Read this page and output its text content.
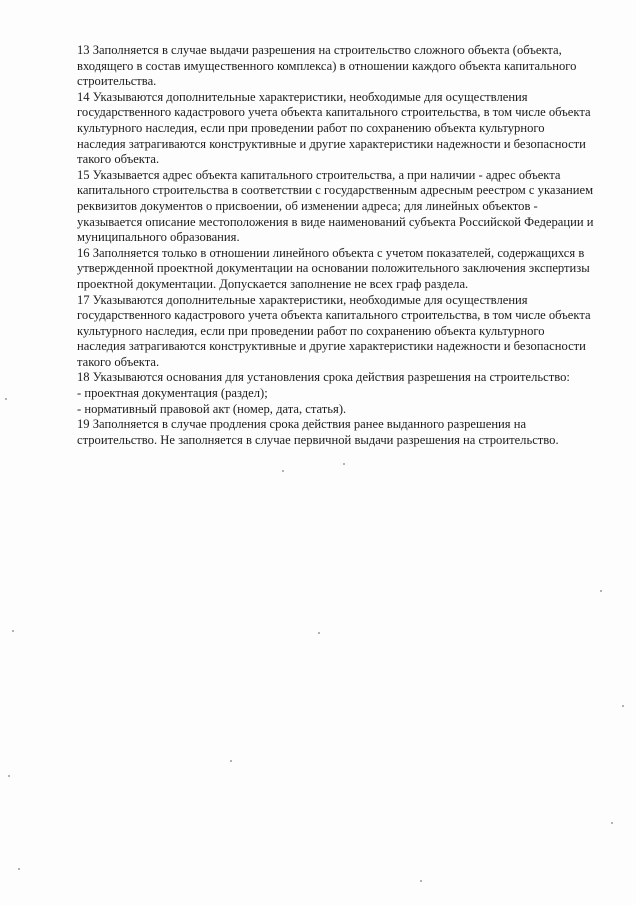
13 Заполняется в случае выдачи разрешения на строительство сложного объекта (объекта,
входящего в состав имущественного комплекса) в отношении каждого объекта капитального
строительства.
14 Указываются дополнительные характеристики, необходимые для осуществления
государственного кадастрового учета объекта капитального строительства, в том числе объекта
культурного наследия, если при проведении работ по сохранению объекта культурного
наследия затрагиваются конструктивные и другие характеристики надежности и безопасности
такого объекта.
15 Указывается адрес объекта капитального строительства, а при наличии - адрес объекта
капитального строительства в соответствии с государственным адресным реестром с указанием
реквизитов документов о присвоении, об изменении адреса; для линейных объектов -
указывается описание местоположения в виде наименований субъекта Российской Федерации и
муниципального образования.
16 Заполняется только в отношении линейного объекта с учетом показателей, содержащихся в
утвержденной проектной документации на основании положительного заключения экспертизы
проектной документации. Допускается заполнение не всех граф раздела.
17 Указываются дополнительные характеристики, необходимые для осуществления
государственного кадастрового учета объекта капитального строительства, в том числе объекта
культурного наследия, если при проведении работ по сохранению объекта культурного
наследия затрагиваются конструктивные и другие характеристики надежности и безопасности
такого объекта.
18 Указываются основания для установления срока действия разрешения на строительство:
- проектная документация (раздел);
- нормативный правовой акт (номер, дата, статья).
19 Заполняется в случае продления срока действия ранее выданного разрешения на
строительство. Не заполняется в случае первичной выдачи разрешения на строительство.
